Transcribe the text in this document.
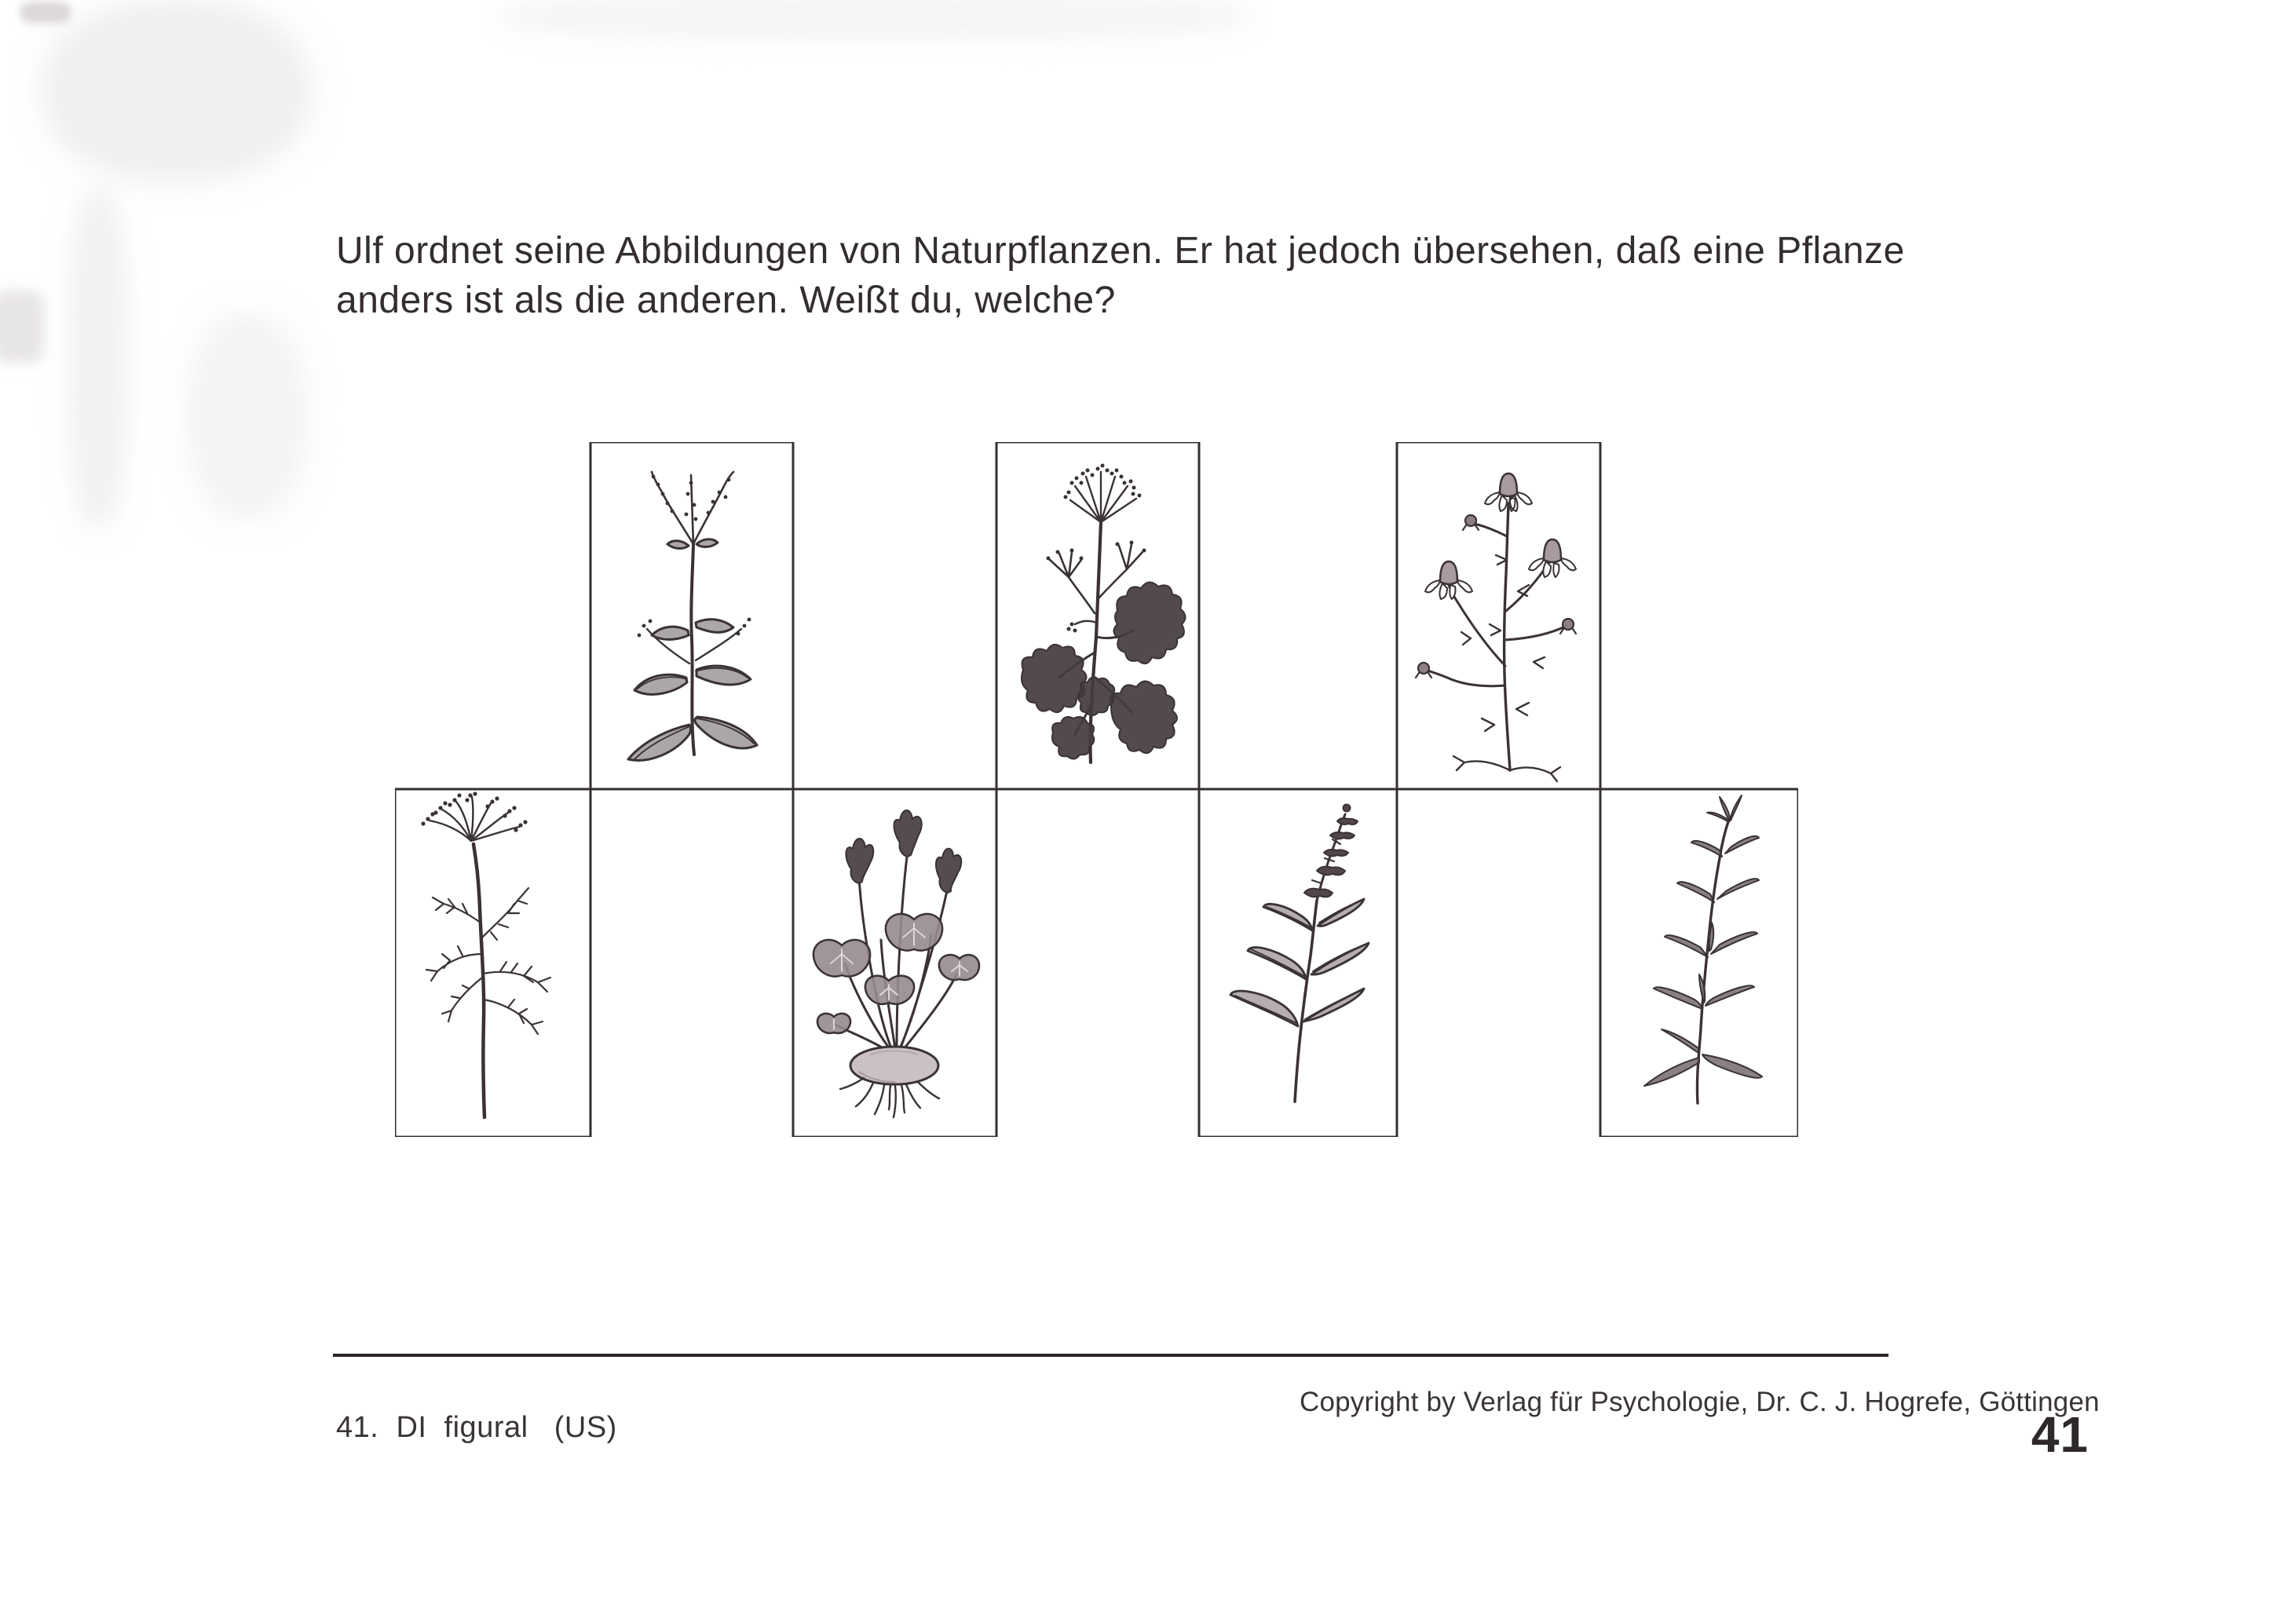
Ulf ordnet seine Abbildungen von Naturpflanzen. Er hat jedoch übersehen, daß eine Pflanze
anders ist als die anderen. Weißt du, welche?
41.  DI  figural   (US)
Copyright by Verlag für Psychologie, Dr. C. J. Hogrefe, Göttingen
41
